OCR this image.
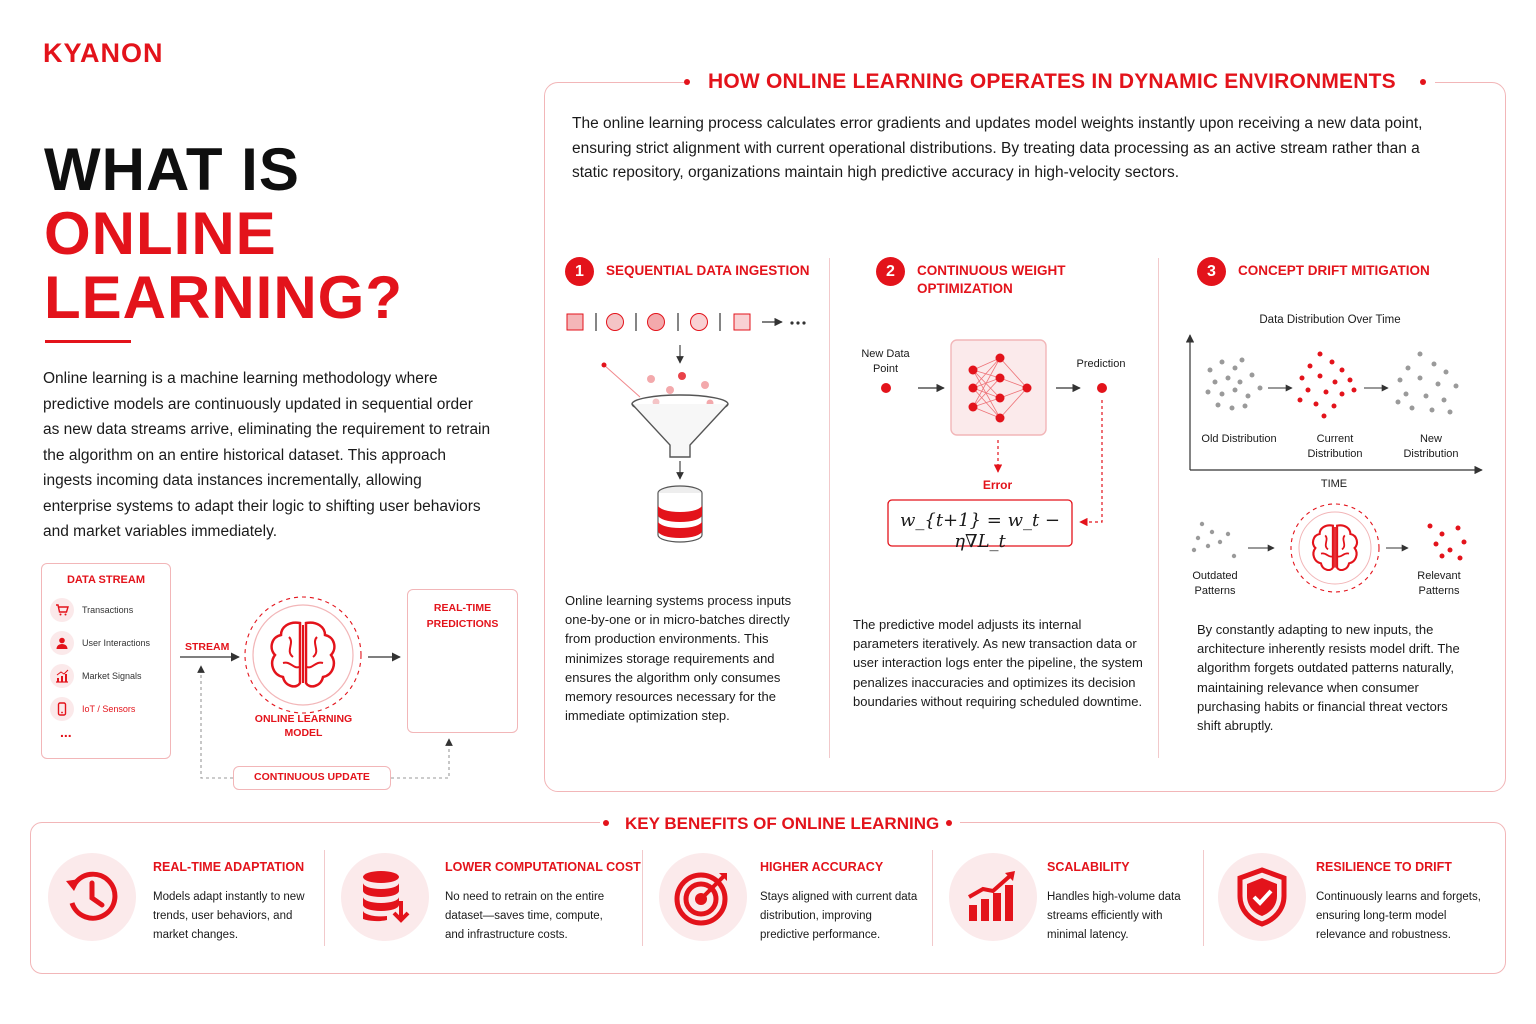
KYANON
WHAT IS
ONLINE
LEARNING?

Online learning is a machine learning methodology where predictive models are continuously updated in sequential order as new data streams arrive, eliminating the requirement to retrain the algorithm on an entire historical dataset. This approach ingests incoming data instances incrementally, allowing enterprise systems to adapt their logic to shifting user behaviors and market variables immediately.

DATA STREAM
Transactions
User Interactions
Market Signals
IoT / Sensors
...
STREAM
ONLINE LEARNING MODEL
REAL-TIME PREDICTIONS
CONTINUOUS UPDATE
HOW ONLINE LEARNING OPERATES IN DYNAMIC ENVIRONMENTS

The online learning process calculates error gradients and updates model weights instantly upon receiving a new data point, ensuring strict alignment with current operational distributions. By treating data processing as an active stream rather than a static repository, organizations maintain high predictive accuracy in high-velocity sectors.

1	SEQUENTIAL DATA INGESTION

Online learning systems process inputs one-by-one or in micro-batches directly from production environments. This minimizes storage requirements and ensures the algorithm only consumes memory resources necessary for the immediate optimization step.

2	CONTINUOUS WEIGHT OPTIMIZATION
New Data Point	Prediction
Error
w_{t+1} = w_t − η∇L_t

The predictive model adjusts its internal parameters iteratively. As new transaction data or user interaction logs enter the pipeline, the system penalizes inaccuracies and optimizes its decision boundaries without requiring scheduled downtime.

3	CONCEPT DRIFT MITIGATION
Data Distribution Over Time
Old Distribution	Current Distribution
New Distribution
TIME
Outdated Patterns
Relevant Patterns

By constantly adapting to new inputs, the architecture inherently resists model drift. The algorithm forgets outdated patterns naturally, maintaining relevance when consumer purchasing habits or financial threat vectors shift abruptly.

KEY BENEFITS OF ONLINE LEARNING
REAL-TIME ADAPTATION

Models adapt instantly to new trends, user behaviors, and market changes.

LOWER COMPUTATIONAL COST

No need to retrain on the entire dataset—saves time, compute, and infrastructure costs.

HIGHER ACCURACY

Stays aligned with current data distribution, improving predictive performance.

SCALABILITY

Handles high-volume data streams efficiently with minimal latency.

RESILIENCE TO DRIFT

Continuously learns and forgets, ensuring long-term model relevance and robustness.
